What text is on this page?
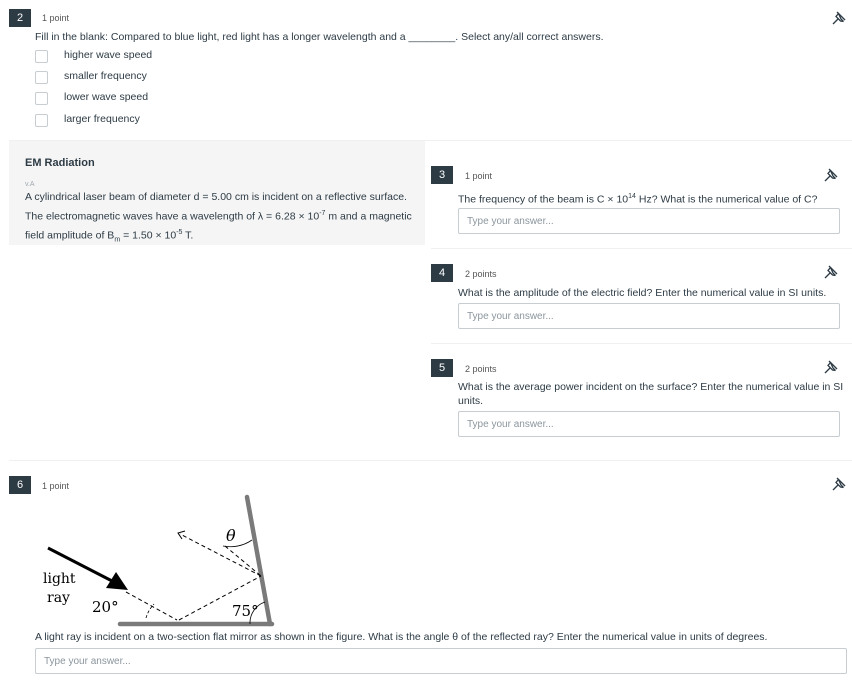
2	1 point
Fill in the blank: Compared to blue light, red light has a longer wavelength and a ________. Select any/all correct answers.
higher wave speed
smaller frequency
lower wave speed
larger frequency
EM Radiation
v.A
A cylindrical laser beam of diameter d = 5.00 cm is incident on a reflective surface.
The electromagnetic waves have a wavelength of $\lambda = 6.28 \times 10^{-7}$ m and a magnetic
field amplitude of $B_m = 1.50 \times 10^{-5}$ T.
3	1 point
The frequency of the beam is $C \times 10^{14}$ Hz? What is the numerical value of C?
Type your answer...
4	2 points
What is the amplitude of the electric field? Enter the numerical value in SI units.
Type your answer...
5	2 points
What is the average power incident on the surface? Enter the numerical value in SI
units.
Type your answer...
6	1 point
light
ray 20°	75°
θ
A light ray is incident on a two-section flat mirror as shown in the figure. What is the angle θ of the reflected ray? Enter the numerical value in units of degrees.
Type your answer...
